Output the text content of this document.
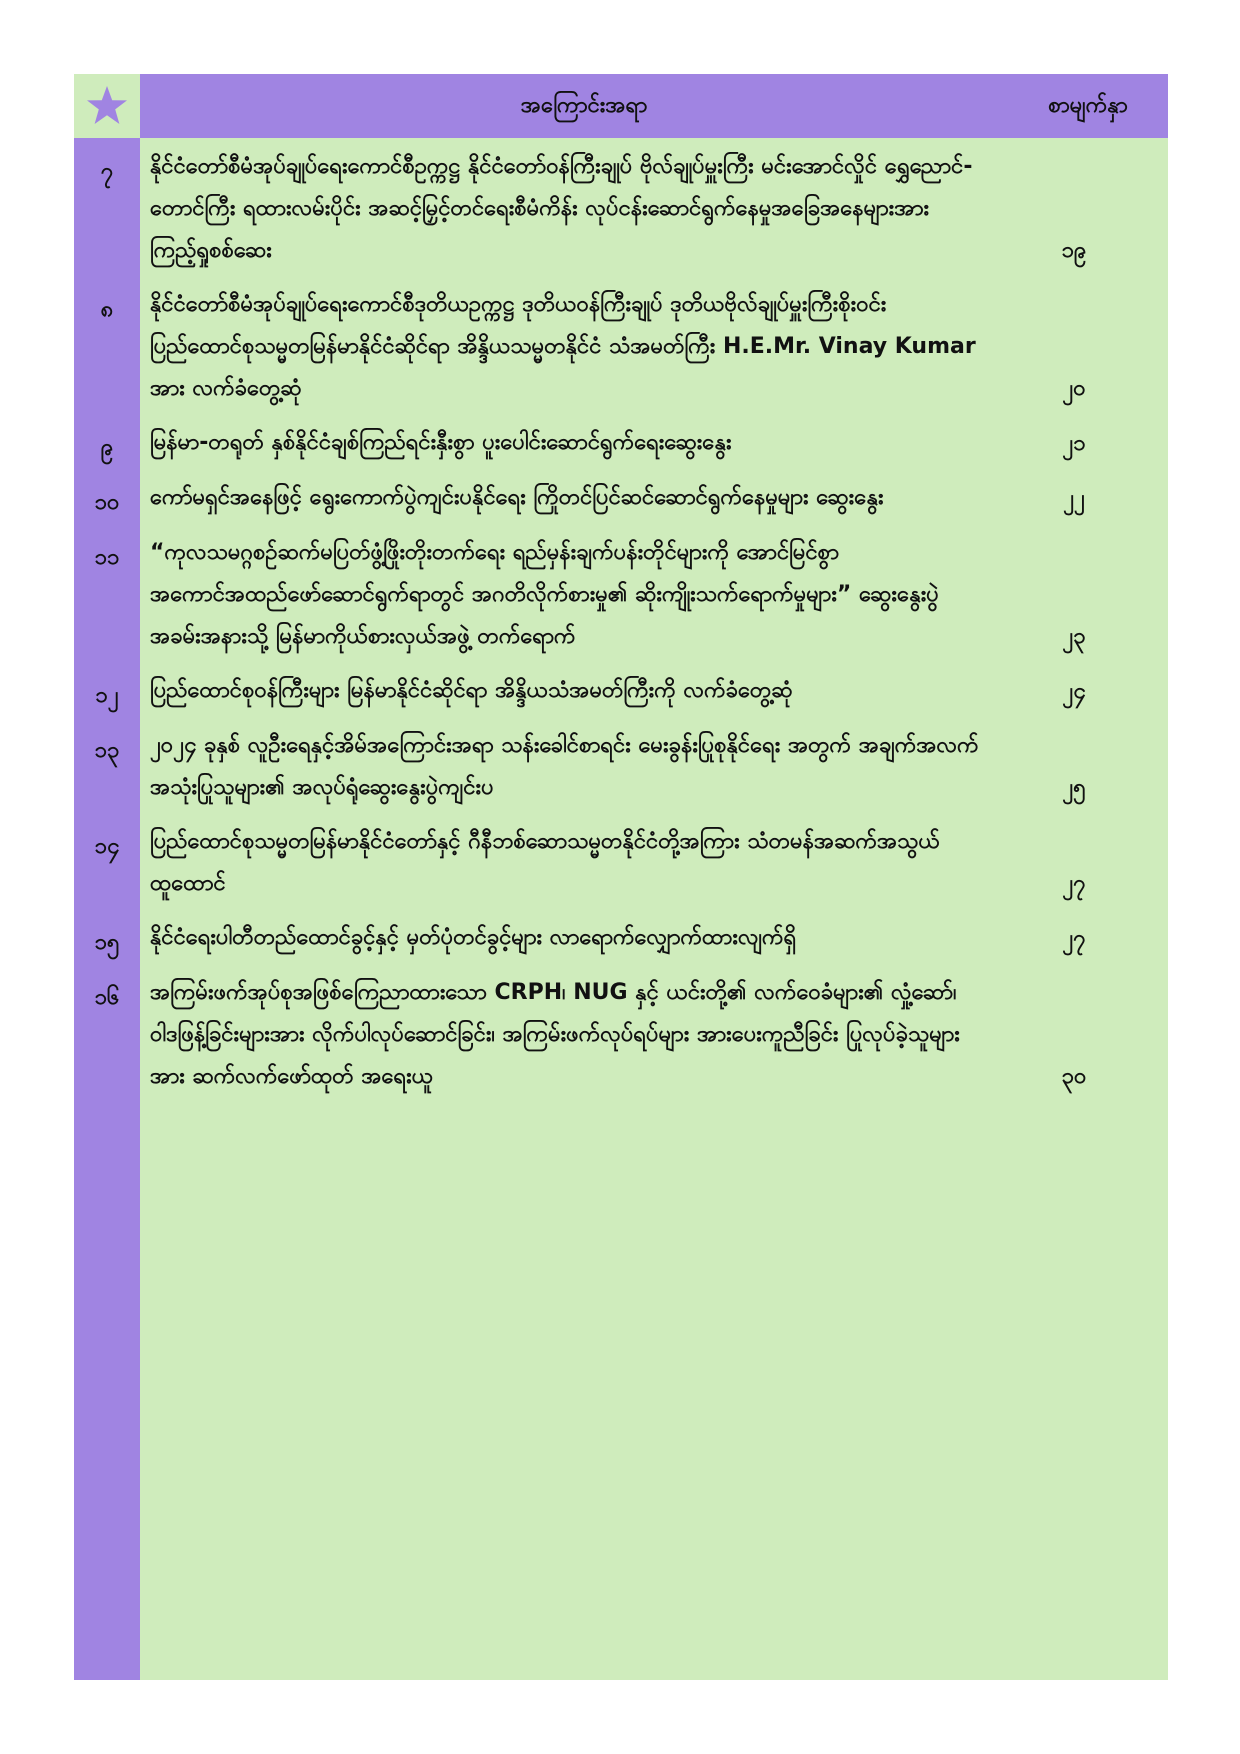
အကြောင်းအရာ	စာမျက်နှာ
၇	နိုင်ငံတော်စီမံအုပ်ချုပ်ရေးကောင်စီဥက္ကဋ္ဌ နိုင်ငံတော်ဝန်ကြီးချုပ် ဗိုလ်ချုပ်မှူးကြီး မင်းအောင်လှိုင် ရွှေညောင်-တောင်ကြီး ရထားလမ်းပိုင်း အဆင့်မြှင့်တင်ရေးစီမံကိန်း လုပ်ငန်းဆောင်ရွက်နေမှုအခြေအနေများအား ကြည့်ရှုစစ်ဆေး	၁၉
၈	နိုင်ငံတော်စီမံအုပ်ချုပ်ရေးကောင်စီဒုတိယဥက္ကဋ္ဌ ဒုတိယဝန်ကြီးချုပ် ဒုတိယဗိုလ်ချုပ်မှူးကြီးစိုးဝင်း ပြည်ထောင်စုသမ္မတမြန်မာနိုင်ငံဆိုင်ရာ အိန္ဒိယသမ္မတနိုင်ငံ သံအမတ်ကြီး H.E.Mr. Vinay Kumar အား လက်ခံတွေ့ဆုံ	၂၀
၉	မြန်မာ-တရုတ် နှစ်နိုင်ငံချစ်ကြည်ရင်းနှီးစွာ ပူးပေါင်းဆောင်ရွက်ရေးဆွေးနွေး	၂၁
၁၀	ကော်မရှင်အနေဖြင့် ရွေးကောက်ပွဲကျင်းပနိုင်ရေး ကြိုတင်ပြင်ဆင်ဆောင်ရွက်နေမှုများ ဆွေးနွေး	၂၂
၁၁	“ကုလသမဂ္ဂစဉ်ဆက်မပြတ်ဖွံ့ဖြိုးတိုးတက်ရေး ရည်မှန်းချက်ပန်းတိုင်များကို အောင်မြင်စွာ အကောင်အထည်ဖော်ဆောင်ရွက်ရာတွင် အဂတိလိုက်စားမှု၏ ဆိုးကျိုးသက်ရောက်မှုများ” ဆွေးနွေးပွဲအခမ်းအနားသို့ မြန်မာကိုယ်စားလှယ်အဖွဲ့ တက်ရောက်	၂၃
၁၂	ပြည်ထောင်စုဝန်ကြီးများ မြန်မာနိုင်ငံဆိုင်ရာ အိန္ဒိယသံအမတ်ကြီးကို လက်ခံတွေ့ဆုံ	၂၄
၁၃	၂၀၂၄ ခုနှစ် လူဦးရေနှင့်အိမ်အကြောင်းအရာ သန်းခေါင်စာရင်း မေးခွန်းပြုစုနိုင်ရေး အတွက် အချက်အလက်အသုံးပြုသူများ၏ အလုပ်ရုံဆွေးနွေးပွဲကျင်းပ	၂၅
၁၄	ပြည်ထောင်စုသမ္မတမြန်မာနိုင်ငံတော်နှင့် ဂီနီဘစ်ဆောသမ္မတနိုင်ငံတို့အကြား သံတမန်အဆက်အသွယ်ထူထောင်	၂၇
၁၅	နိုင်ငံရေးပါတီတည်ထောင်ခွင့်နှင့် မှတ်ပုံတင်ခွင့်များ လာရောက်လျှောက်ထားလျက်ရှိ	၂၇
၁၆	အကြမ်းဖက်အုပ်စုအဖြစ်ကြေညာထားသော CRPH၊ NUG နှင့် ယင်းတို့၏ လက်ဝေခံများ၏ လှုံ့ဆော်၊ ဝါဒဖြန့်ခြင်းများအား လိုက်ပါလုပ်ဆောင်ခြင်း၊ အကြမ်းဖက်လုပ်ရပ်များ အားပေးကူညီခြင်း ပြုလုပ်ခဲ့သူများအား ဆက်လက်ဖော်ထုတ် အရေးယူ	၃၀
